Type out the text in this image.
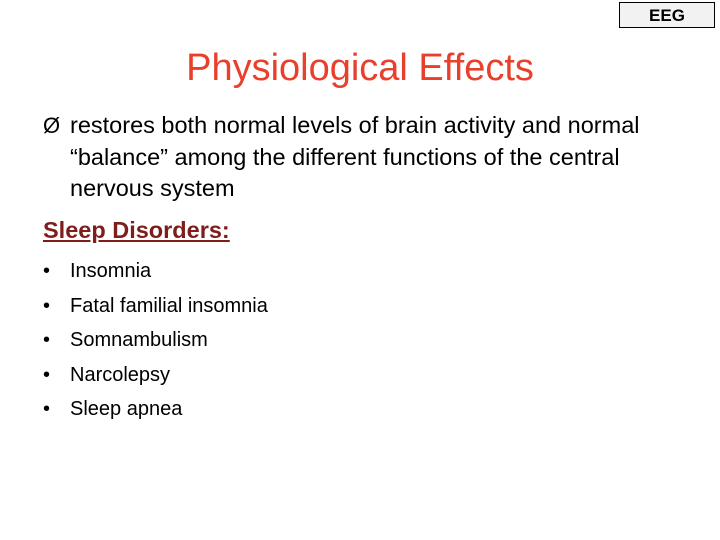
EEG
Physiological Effects
Ø restores both normal levels of brain activity and normal “balance” among the different functions of the central nervous system
Sleep Disorders:
• Insomnia
• Fatal familial insomnia
• Somnambulism
• Narcolepsy
• Sleep apnea
